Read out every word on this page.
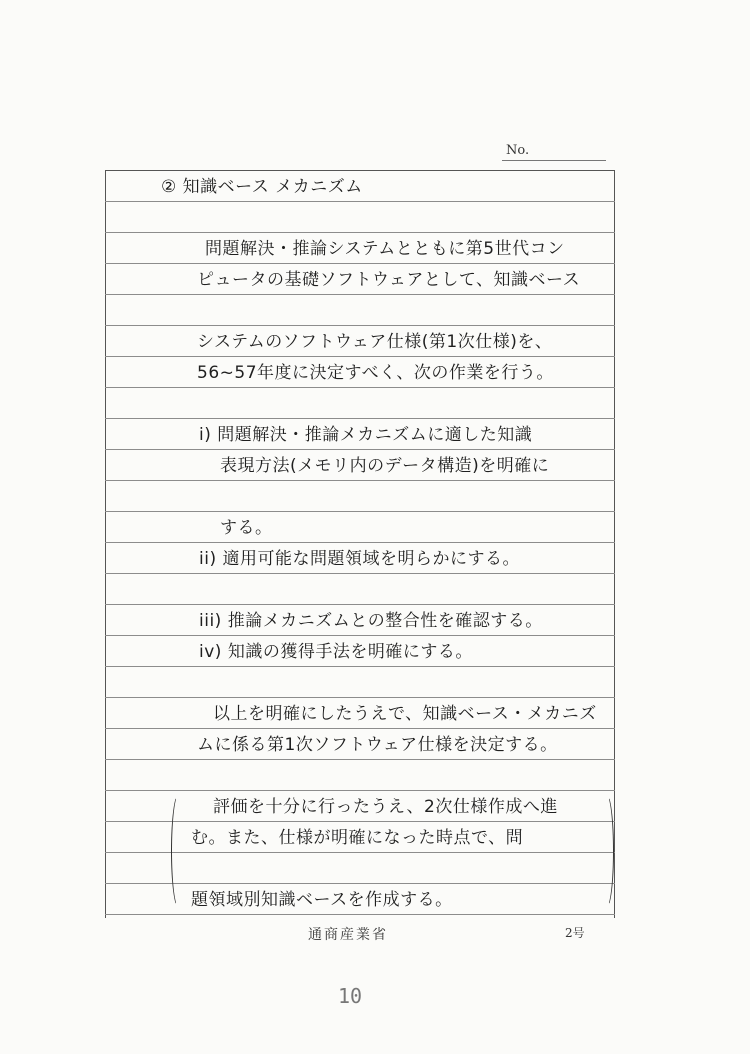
No.
② 知識ベース メカニズム
問題解決・推論システムとともに第5世代コン
ピュータの基礎ソフトウェアとして、知識ベース
システムのソフトウェア仕様(第1次仕様)を、
56~57年度に決定すべく、次の作業を行う。
i) 問題解決・推論メカニズムに適した知識
表現方法(メモリ内のデータ構造)を明確に
する。
ii) 適用可能な問題領域を明らかにする。
iii) 推論メカニズムとの整合性を確認する。
iv) 知識の獲得手法を明確にする。
以上を明確にしたうえで、知識ベース・メカニズ
ムに係る第1次ソフトウェア仕様を決定する。
評価を十分に行ったうえ、2次仕様作成へ進
む。また、仕様が明確になった時点で、問
題領域別知識ベースを作成する。
通商産業省	2号
10
